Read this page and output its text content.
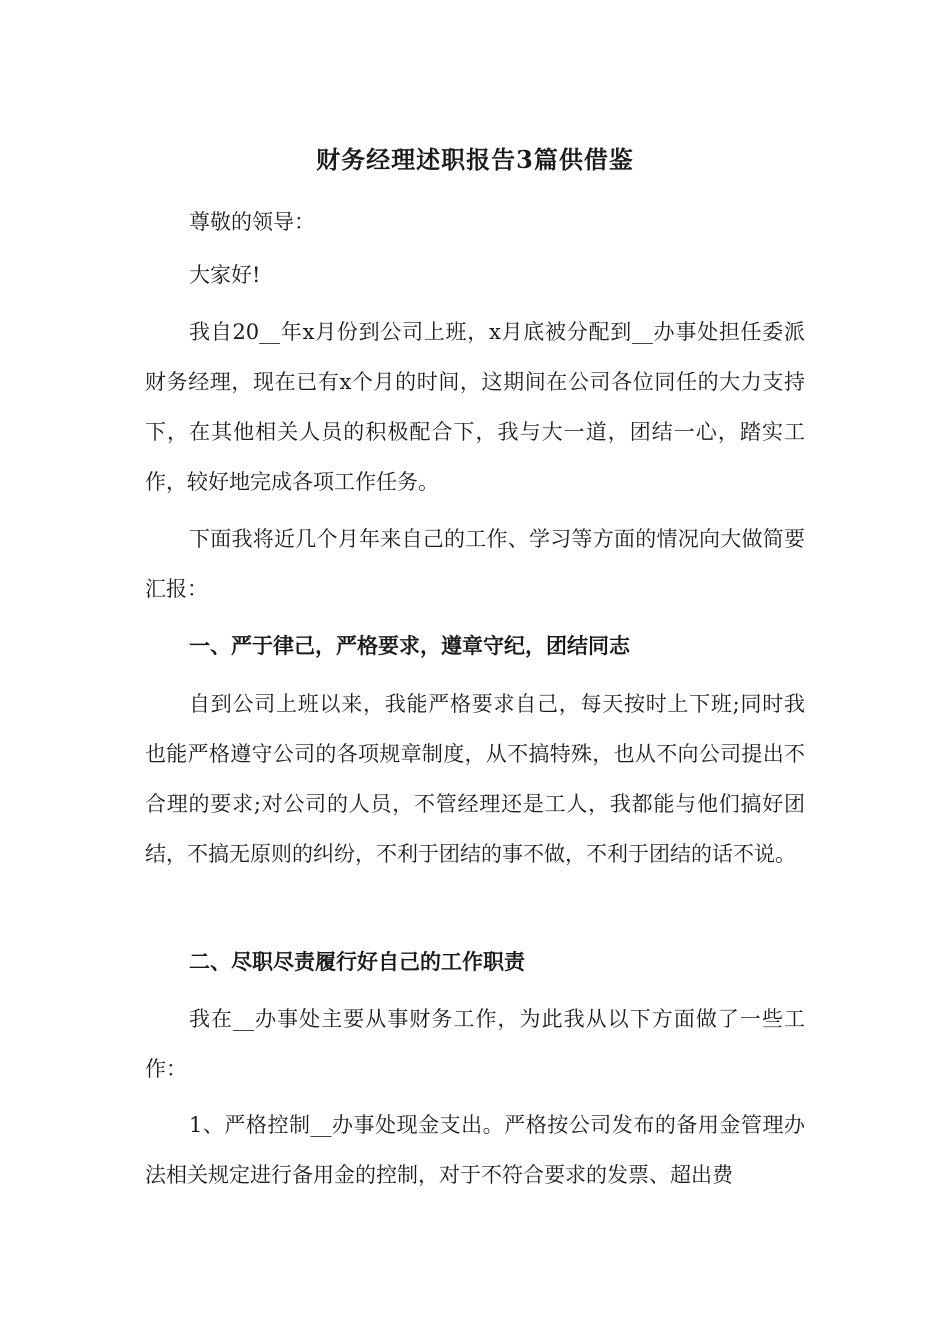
财务经理述职报告3篇供借鉴

尊敬的领导：

大家好!

我自20__年x月份到公司上班，x月底被分配到__办事处担任委派财务经理，现在已有x个月的时间，这期间在公司各位同任的大力支持下，在其他相关人员的积极配合下，我与大一道，团结一心，踏实工作，较好地完成各项工作任务。

下面我将近几个月年来自己的工作、学习等方面的情况向大做简要汇报：

一、严于律己，严格要求，遵章守纪，团结同志

自到公司上班以来，我能严格要求自己，每天按时上下班;同时我也能严格遵守公司的各项规章制度，从不搞特殊，也从不向公司提出不合理的要求;对公司的人员，不管经理还是工人，我都能与他们搞好团结，不搞无原则的纠纷，不利于团结的事不做，不利于团结的话不说。

二、尽职尽责履行好自己的工作职责

我在__办事处主要从事财务工作，为此我从以下方面做了一些工作：

1、严格控制__办事处现金支出。严格按公司发布的备用金管理办法相关规定进行备用金的控制，对于不符合要求的发票、超出费
